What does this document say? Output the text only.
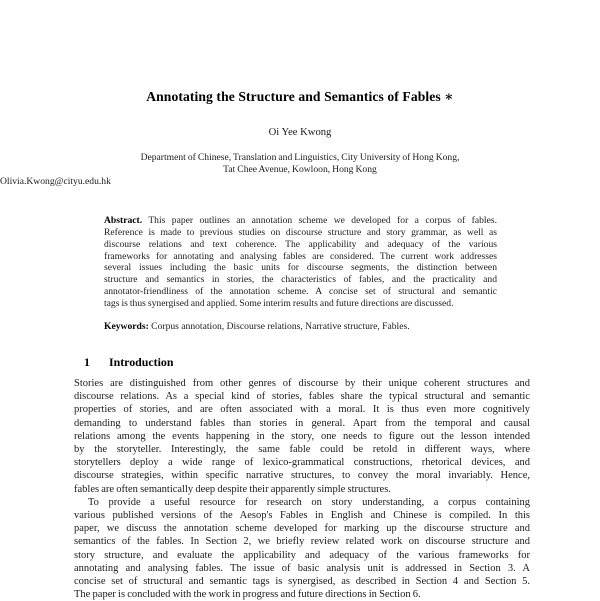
Annotating the Structure and Semantics of Fables ∗
Oi Yee Kwong
Department of Chinese, Translation and Linguistics, City University of Hong Kong,
Tat Chee Avenue, Kowloon, Hong Kong
Olivia.Kwong@cityu.edu.hk
Abstract. This paper outlines an annotation scheme we developed for a corpus of fables.
Reference is made to previous studies on discourse structure and story grammar, as well as
discourse relations and text coherence. The applicability and adequacy of the various
frameworks for annotating and analysing fables are considered. The current work addresses
several issues including the basic units for discourse segments, the distinction between
structure and semantics in stories, the characteristics of fables, and the practicality and
annotator-friendliness of the annotation scheme. A concise set of structural and semantic
tags is thus synergised and applied. Some interim results and future directions are discussed.
Keywords: Corpus annotation, Discourse relations, Narrative structure, Fables.
1 Introduction
Stories are distinguished from other genres of discourse by their unique coherent structures and
discourse relations. As a special kind of stories, fables share the typical structural and semantic
properties of stories, and are often associated with a moral. It is thus even more cognitively
demanding to understand fables than stories in general. Apart from the temporal and causal
relations among the events happening in the story, one needs to figure out the lesson intended
by the storyteller. Interestingly, the same fable could be retold in different ways, where
storytellers deploy a wide range of lexico-grammatical constructions, rhetorical devices, and
discourse strategies, within specific narrative structures, to convey the moral invariably. Hence,
fables are often semantically deep despite their apparently simple structures.
To provide a useful resource for research on story understanding, a corpus containing
various published versions of the Aesop's Fables in English and Chinese is compiled. In this
paper, we discuss the annotation scheme developed for marking up the discourse structure and
semantics of the fables. In Section 2, we briefly review related work on discourse structure and
story structure, and evaluate the applicability and adequacy of the various frameworks for
annotating and analysing fables. The issue of basic analysis unit is addressed in Section 3. A
concise set of structural and semantic tags is synergised, as described in Section 4 and Section 5.
The paper is concluded with the work in progress and future directions in Section 6.
